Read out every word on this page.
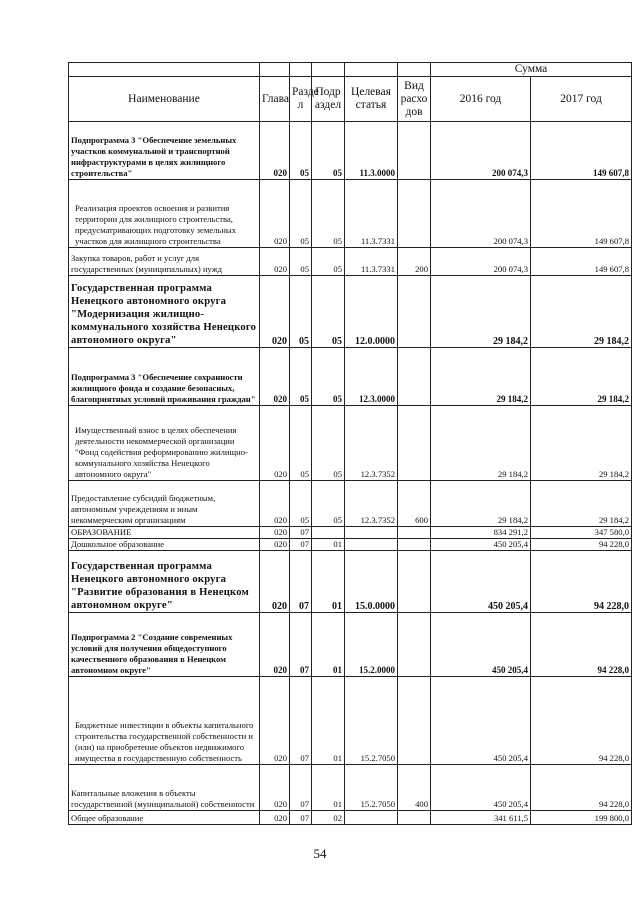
						Сумма	
Наименование	Глава	Разде л	Подр аздел	Целевая статья	Вид расхо дов	2016 год	2017 год
Подпрограмма 3 "Обеспечение земельных участков коммунальной и транспортной инфраструктурами в целях жилищного строительства"	020	05	05	11.3.0000		200 074,3	149 607,8
Реализация проектов освоения и развития территории для жилищного строительства, предусматривающих подготовку земельных участков для жилищного строительства	020	05	05	11.3.7331		200 074,3	149 607,8
Закупка товаров, работ и услуг для государственных (муниципальных) нужд	020	05	05	11.3.7331	200	200 074,3	149 607,8
Государственная программа Ненецкого автономного округа "Модернизация жилищно-коммунального хозяйства Ненецкого автономного округа"	020	05	05	12.0.0000		29 184,2	29 184,2
Подпрограмма 3 "Обеспечение сохранности жилищного фонда и создание безопасных, благоприятных условий проживания граждан"	020	05	05	12.3.0000		29 184,2	29 184,2
Имущественный взнос в целях обеспечения деятельности некоммерческой организации "Фонд содействия реформированию жилищно-коммунального хозяйства Ненецкого автономного округа"	020	05	05	12.3.7352		29 184,2	29 184,2
Предоставление субсидий бюджетным, автономным учреждениям и иным некоммерческим организациям	020	05	05	12.3.7352	600	29 184,2	29 184,2
ОБРАЗОВАНИЕ	020	07				834 291,2	347 580,0
Дошкольное образование	020	07	01			450 205,4	94 228,0
Государственная программа Ненецкого автономного округа "Развитие образования в Ненецком автономном округе"	020	07	01	15.0.0000		450 205,4	94 228,0
Подпрограмма 2 "Создание современных условий для получения общедоступного качественного образования в Ненецком автономном округе"	020	07	01	15.2.0000		450 205,4	94 228,0
Бюджетные инвестиции в объекты капитального строительства государственной собственности и (или) на приобретение объектов недвижимого имущества в государственную собственность	020	07	01	15.2.7050		450 205,4	94 228,0
Капитальные вложения в объекты государственной (муниципальной) собственности	020	07	01	15.2.7050	400	450 205,4	94 228,0
Общее образование	020	07	02			341 611,5	199 800,0
54
